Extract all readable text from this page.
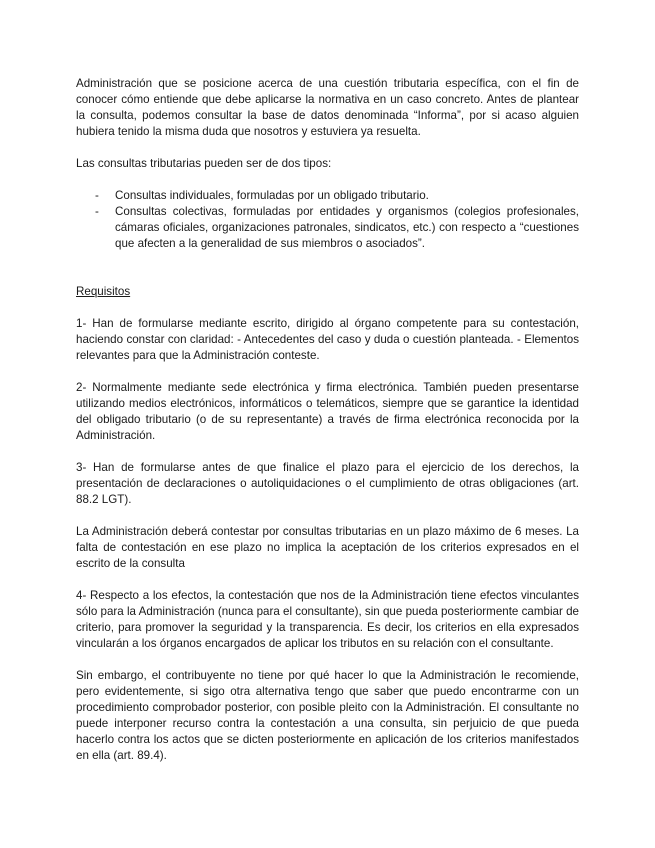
Administración que se posicione acerca de una cuestión tributaria específica, con el fin de conocer cómo entiende que debe aplicarse la normativa en un caso concreto. Antes de plantear la consulta, podemos consultar la base de datos denominada “Informa”, por si acaso alguien hubiera tenido la misma duda que nosotros y estuviera ya resuelta.

Las consultas tributarias pueden ser de dos tipos:

- Consultas individuales, formuladas por un obligado tributario.
- Consultas colectivas, formuladas por entidades y organismos (colegios profesionales, cámaras oficiales, organizaciones patronales, sindicatos, etc.) con respecto a “cuestiones que afecten a la generalidad de sus miembros o asociados”.

Requisitos

1- Han de formularse mediante escrito, dirigido al órgano competente para su contestación, haciendo constar con claridad: - Antecedentes del caso y duda o cuestión planteada. - Elementos relevantes para que la Administración conteste.

2- Normalmente mediante sede electrónica y firma electrónica. También pueden presentarse utilizando medios electrónicos, informáticos o telemáticos, siempre que se garantice la identidad del obligado tributario (o de su representante) a través de firma electrónica reconocida por la Administración.

3- Han de formularse antes de que finalice el plazo para el ejercicio de los derechos, la presentación de declaraciones o autoliquidaciones o el cumplimiento de otras obligaciones (art. 88.2 LGT).

La Administración deberá contestar por consultas tributarias en un plazo máximo de 6 meses. La falta de contestación en ese plazo no implica la aceptación de los criterios expresados en el escrito de la consulta

4- Respecto a los efectos, la contestación que nos de la Administración tiene efectos vinculantes sólo para la Administración (nunca para el consultante), sin que pueda posteriormente cambiar de criterio, para promover la seguridad y la transparencia. Es decir, los criterios en ella expresados vincularán a los órganos encargados de aplicar los tributos en su relación con el consultante.

Sin embargo, el contribuyente no tiene por qué hacer lo que la Administración le recomiende, pero evidentemente, si sigo otra alternativa tengo que saber que puedo encontrarme con un procedimiento comprobador posterior, con posible pleito con la Administración. El consultante no puede interponer recurso contra la contestación a una consulta, sin perjuicio de que pueda hacerlo contra los actos que se dicten posteriormente en aplicación de los criterios manifestados en ella (art. 89.4).
